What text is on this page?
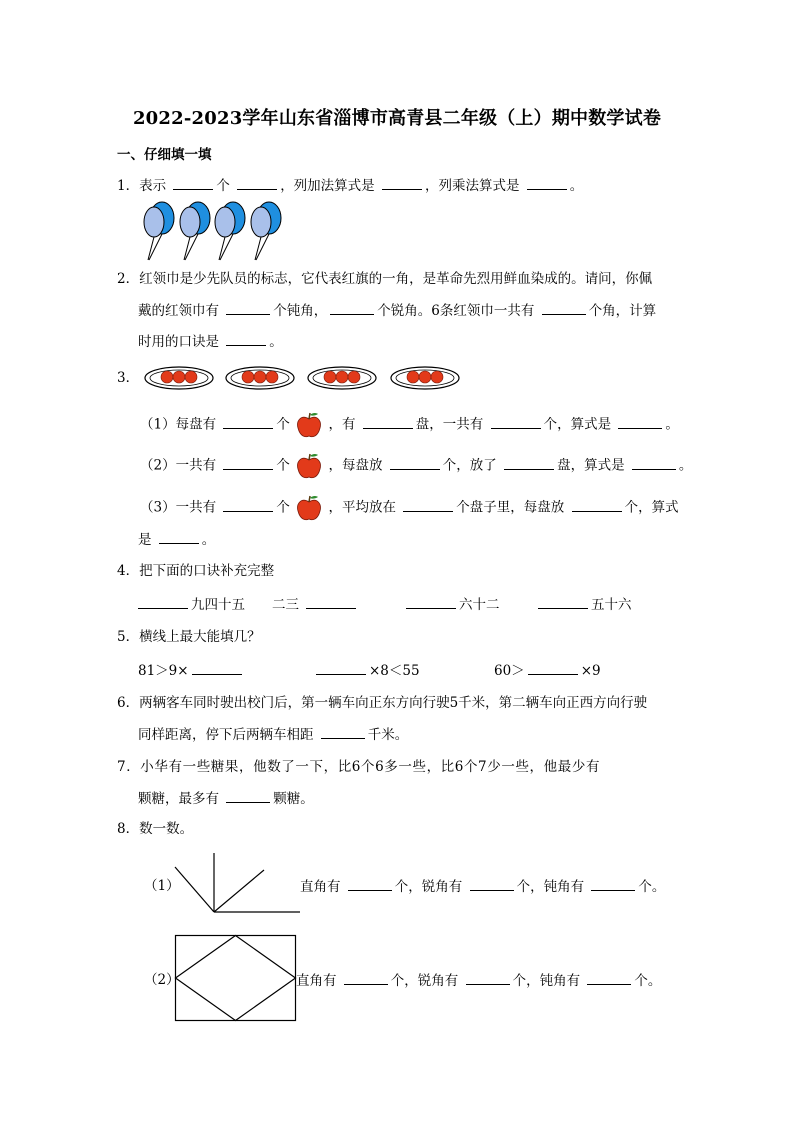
2022-2023学年山东省淄博市高青县二年级（上）期中数学试卷
一、仔细填一填
1．表示	个	，列加法算式是	，列乘法算式是	。
2．红领巾是少先队员的标志，它代表红旗的一角，是革命先烈用鲜血染成的。请问，你佩
戴的红领巾有	个钝角，	个锐角。6条红领巾一共有	个角，计算
时用的口诀是	。
3．
（1）每盘有	个	，有	盘，一共有	个，算式是	。
（2）一共有	个	，每盘放	个，放了	盘，算式是	。
（3）一共有	个	，平均放在	个盘子里，每盘放	个，算式
是	。
4．把下面的口诀补充完整
九四十五 二三	六十二	五十六
5．横线上最大能填几？
81＞9×	×8＜55	60＞	×9
6．两辆客车同时驶出校门后，第一辆车向正东方向行驶5千米，第二辆车向正西方向行驶
同样距离，停下后两辆车相距	千米。
7．小华有一些糖果，他数了一下，比6个6多一些，比6个7少一些，他最少有
颗糖，最多有	颗糖。
8．数一数。
（1）	直角有	个，锐角有	个，钝角有	个。
（2）	直角有	个，锐角有	个，钝角有	个。
